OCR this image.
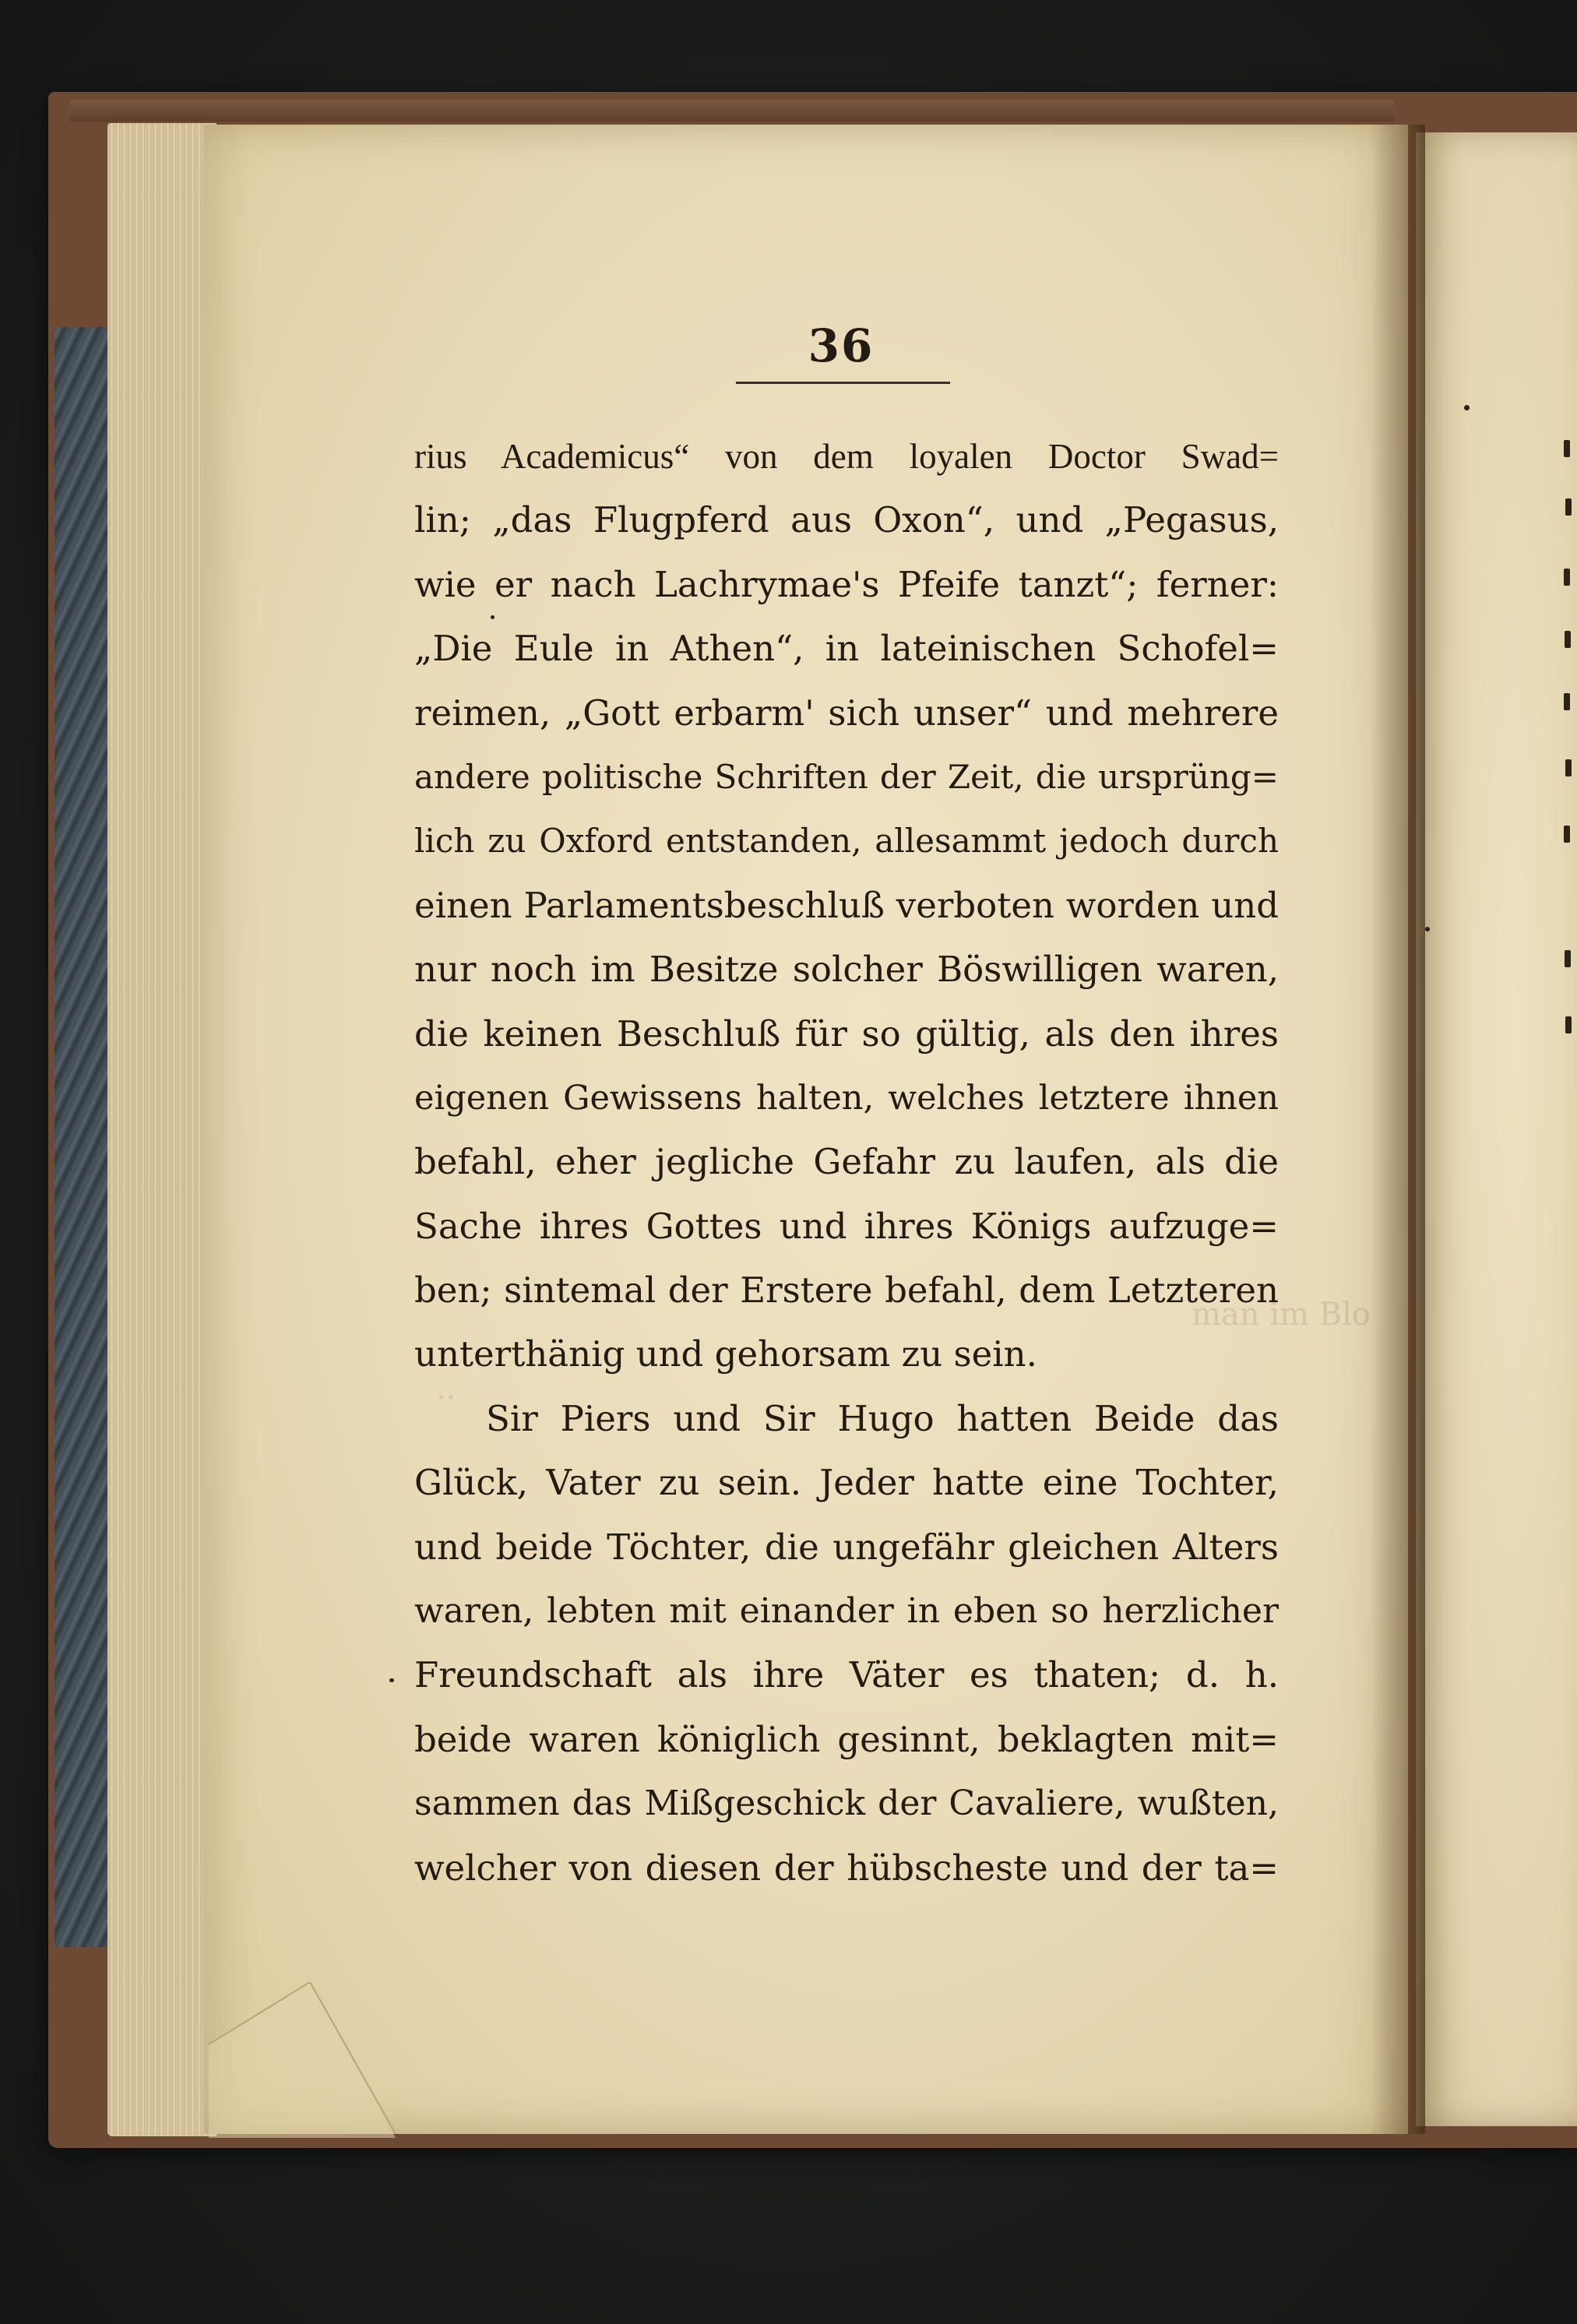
man im Blo
..
36
rius Academicus“ von dem loyalen Doctor Swad=
lin; „das Flugpferd aus Oxon“, und „Pegasus,
wie er nach Lachrymae's Pfeife tanzt“; ferner:
„Die Eule in Athen“, in lateinischen Schofel=
reimen, „Gott erbarm' sich unser“ und mehrere
andere politische Schriften der Zeit, die ursprüng=
lich zu Oxford entstanden, allesammt jedoch durch
einen Parlamentsbeschluß verboten worden und
nur noch im Besitze solcher Böswilligen waren,
die keinen Beschluß für so gültig, als den ihres
eigenen Gewissens halten, welches letztere ihnen
befahl, eher jegliche Gefahr zu laufen, als die
Sache ihres Gottes und ihres Königs aufzuge=
ben; sintemal der Erstere befahl, dem Letzteren
unterthänig und gehorsam zu sein.
Sir Piers und Sir Hugo hatten Beide das
Glück, Vater zu sein. Jeder hatte eine Tochter,
und beide Töchter, die ungefähr gleichen Alters
waren, lebten mit einander in eben so herzlicher
Freundschaft als ihre Väter es thaten; d. h.
beide waren königlich gesinnt, beklagten mit=
sammen das Mißgeschick der Cavaliere, wußten,
welcher von diesen der hübscheste und der ta=
